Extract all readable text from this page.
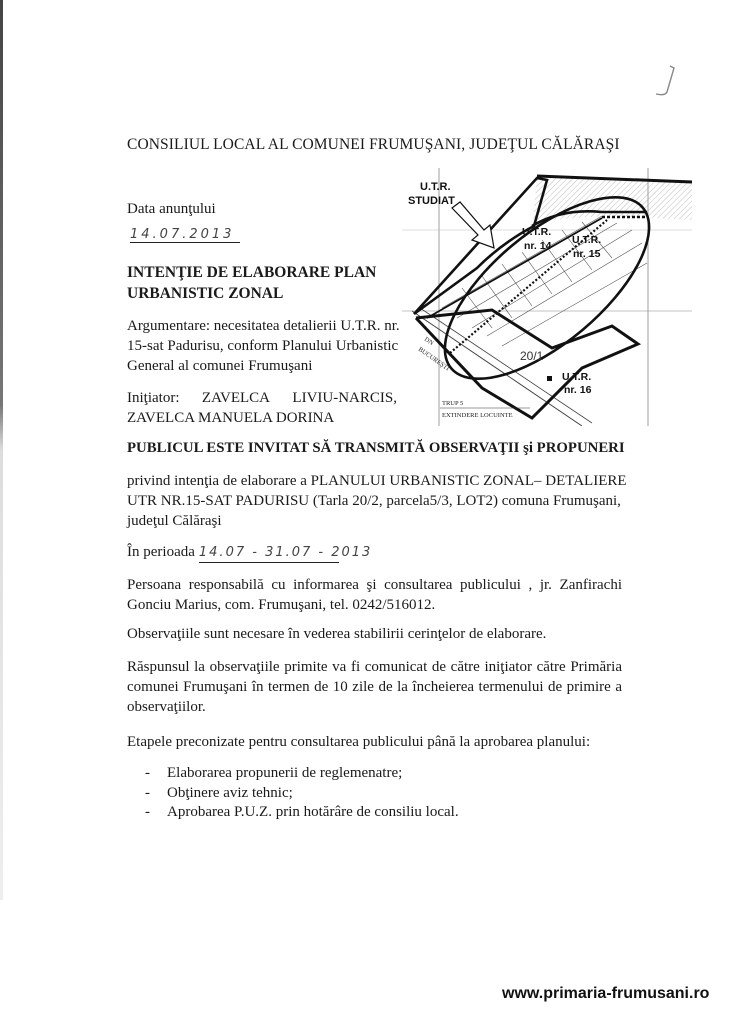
CONSILIUL LOCAL AL COMUNEI FRUMUŞANI, JUDEŢUL CĂLĂRAŞI
Data anunţului
14.07.2013
INTENŢIE DE ELABORARE PLAN URBANISTIC ZONAL
Argumentare: necesitatea detalierii U.T.R. nr. 15-sat Padurisu, conform Planului Urbanistic General al comunei Frumuşani
Iniţiator: ZAVELCA LIVIU-NARCIS,
ZAVELCA MANUELA DORINA
U.T.R.
STUDIAT
U.T.R.
nr. 14 U.T.R.
nr. 15
U.T.R.
nr. 16
DN
BUCUREŞTI	20/1
TRUP 5
EXTINDERE LOCUINTE
PUBLICUL ESTE INVITAT SĂ TRANSMITĂ OBSERVAŢII şi PROPUNERI
privind intenţia de elaborare a PLANULUI URBANISTIC ZONAL– DETALIERE
UTR NR.15-SAT PADURISU (Tarla 20/2, parcela5/3, LOT2) comuna Frumuşani,
judeţul Călăraşi
În perioada 14.07 - 31.07 - 2013
Persoana responsabilă cu informarea şi consultarea publicului , jr. Zanfirachi Gonciu Marius, com. Frumuşani, tel. 0242/516012.
Observaţiile sunt necesare în vederea stabilirii cerinţelor de elaborare.
Răspunsul la observaţiile primite va fi comunicat de către iniţiator către Primăria comunei Frumuşani în termen de 10 zile de la încheierea termenului de primire a observaţiilor.
Etapele preconizate pentru consultarea publicului până la aprobarea planului:
-	Elaborarea propunerii de reglemenatre;
-	Obţinere aviz tehnic;
-	Aprobarea P.U.Z. prin hotărâre de consiliu local.
www.primaria-frumusani.ro
